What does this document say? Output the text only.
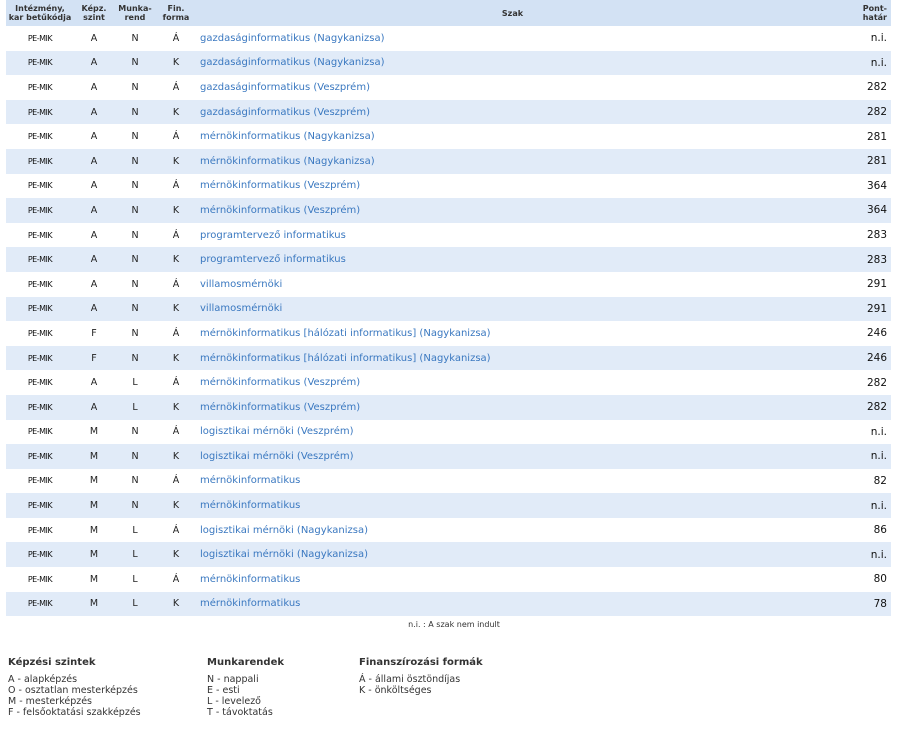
Intézmény,
kar betűkódja	Képz.
szint	Munka-
rend	Fin.
forma	Szak	Pont-
határ
PE-MIK	A	N	Á	gazdaságinformatikus (Nagykanizsa)	n.i.
PE-MIK	A	N	K	gazdaságinformatikus (Nagykanizsa)	n.i.
PE-MIK	A	N	Á	gazdaságinformatikus (Veszprém)	282
PE-MIK	A	N	K	gazdaságinformatikus (Veszprém)	282
PE-MIK	A	N	Á	mérnökinformatikus (Nagykanizsa)	281
PE-MIK	A	N	K	mérnökinformatikus (Nagykanizsa)	281
PE-MIK	A	N	Á	mérnökinformatikus (Veszprém)	364
PE-MIK	A	N	K	mérnökinformatikus (Veszprém)	364
PE-MIK	A	N	Á	programtervező informatikus	283
PE-MIK	A	N	K	programtervező informatikus	283
PE-MIK	A	N	Á	villamosmérnöki	291
PE-MIK	A	N	K	villamosmérnöki	291
PE-MIK	F	N	Á	mérnökinformatikus [hálózati informatikus] (Nagykanizsa)	246
PE-MIK	F	N	K	mérnökinformatikus [hálózati informatikus] (Nagykanizsa)	246
PE-MIK	A	L	Á	mérnökinformatikus (Veszprém)	282
PE-MIK	A	L	K	mérnökinformatikus (Veszprém)	282
PE-MIK	M	N	Á	logisztikai mérnöki (Veszprém)	n.i.
PE-MIK	M	N	K	logisztikai mérnöki (Veszprém)	n.i.
PE-MIK	M	N	Á	mérnökinformatikus	82
PE-MIK	M	N	K	mérnökinformatikus	n.i.
PE-MIK	M	L	Á	logisztikai mérnöki (Nagykanizsa)	86
PE-MIK	M	L	K	logisztikai mérnöki (Nagykanizsa)	n.i.
PE-MIK	M	L	Á	mérnökinformatikus	80
PE-MIK	M	L	K	mérnökinformatikus	78
n.i. : A szak nem indult
Képzési szintek
A - alapképzés
O - osztatlan mesterképzés
M - mesterképzés
F - felsőoktatási szakképzés
Munkarendek
N - nappali
E - esti
L - levelező
T - távoktatás
Finanszírozási formák
Á - állami ösztöndíjas
K - önköltséges
